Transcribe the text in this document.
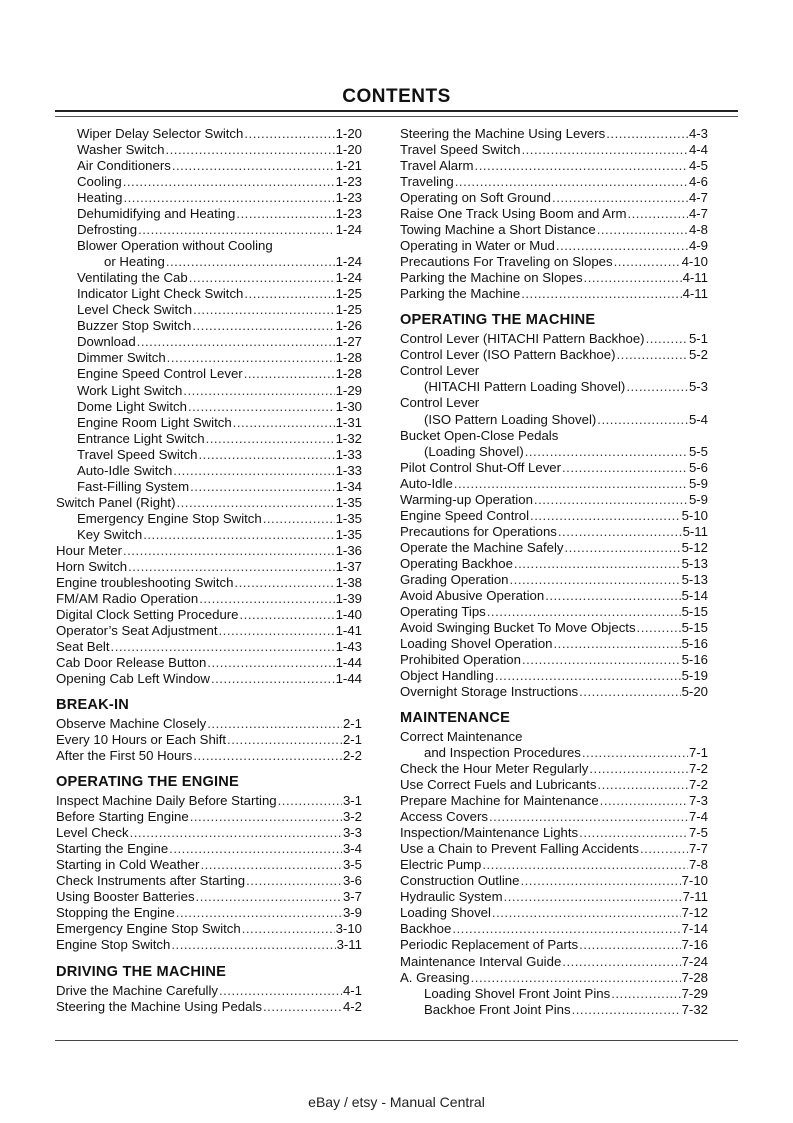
CONTENTS
Wiper Delay Selector Switch .....	1-20
Washer Switch .....	1-20
Air Conditioners .....	1-21
Cooling .....	1-23
Heating .....	1-23
Dehumidifying and Heating .....	1-23
Defrosting .....	1-24
Blower Operation without Cooling
or Heating .....	1-24
Ventilating the Cab .....	1-24
Indicator Light Check Switch .....	1-25
Level Check Switch .....	1-25
Buzzer Stop Switch .....	1-26
Download .....	1-27
Dimmer Switch .....	1-28
Engine Speed Control Lever .....	1-28
Work Light Switch .....	1-29
Dome Light Switch .....	1-30
Engine Room Light Switch .....	1-31
Entrance Light Switch .....	1-32
Travel Speed Switch .....	1-33
Auto-Idle Switch .....	1-33
Fast-Filling System .....	1-34
Switch Panel (Right) .....	1-35
Emergency Engine Stop Switch .....	1-35
Key Switch .....	1-35
Hour Meter .....	1-36
Horn Switch .....	1-37
Engine troubleshooting Switch .....	1-38
FM/AM Radio Operation .....	1-39
Digital Clock Setting Procedure .....	1-40
Operator’s Seat Adjustment .....	1-41
Seat Belt .....	1-43
Cab Door Release Button .....	1-44
Opening Cab Left Window .....	1-44
BREAK-IN
Observe Machine Closely .....	2-1
Every 10 Hours or Each Shift .....	2-1
After the First 50 Hours .....	2-2
OPERATING THE ENGINE
Inspect Machine Daily Before Starting .....	3-1
Before Starting Engine .....	3-2
Level Check .....	3-3
Starting the Engine .....	3-4
Starting in Cold Weather .....	3-5
Check Instruments after Starting .....	3-6
Using Booster Batteries .....	3-7
Stopping the Engine .....	3-9
Emergency Engine Stop Switch .....	3-10
Engine Stop Switch .....	3-11
DRIVING THE MACHINE
Drive the Machine Carefully .....	4-1
Steering the Machine Using Pedals .....	4-2
Steering the Machine Using Levers .....	4-3
Travel Speed Switch .....	4-4
Travel Alarm .....	4-5
Traveling .....	4-6
Operating on Soft Ground .....	4-7
Raise One Track Using Boom and Arm .....	4-7
Towing Machine a Short Distance .....	4-8
Operating in Water or Mud .....	4-9
Precautions For Traveling on Slopes .....	4-10
Parking the Machine on Slopes .....	4-11
Parking the Machine .....	4-11
OPERATING THE MACHINE
Control Lever (HITACHI Pattern Backhoe) .....	5-1
Control Lever (ISO Pattern Backhoe) .....	5-2
Control Lever
(HITACHI Pattern Loading Shovel) .....	5-3
Control Lever
(ISO Pattern Loading Shovel) .....	5-4
Bucket Open-Close Pedals
(Loading Shovel) .....	5-5
Pilot Control Shut-Off Lever .....	5-6
Auto-Idle .....	5-9
Warming-up Operation .....	5-9
Engine Speed Control .....	5-10
Precautions for Operations .....	5-11
Operate the Machine Safely .....	5-12
Operating Backhoe .....	5-13
Grading Operation .....	5-13
Avoid Abusive Operation .....	5-14
Operating Tips .....	5-15
Avoid Swinging Bucket To Move Objects .....	5-15
Loading Shovel Operation .....	5-16
Prohibited Operation .....	5-16
Object Handling .....	5-19
Overnight Storage Instructions .....	5-20
MAINTENANCE
Correct Maintenance
and Inspection Procedures .....	7-1
Check the Hour Meter Regularly .....	7-2
Use Correct Fuels and Lubricants .....	7-2
Prepare Machine for Maintenance .....	7-3
Access Covers .....	7-4
Inspection/Maintenance Lights .....	7-5
Use a Chain to Prevent Falling Accidents .....	7-7
Electric Pump .....	7-8
Construction Outline .....	7-10
Hydraulic System .....	7-11
Loading Shovel .....	7-12
Backhoe .....	7-14
Periodic Replacement of Parts .....	7-16
Maintenance Interval Guide .....	7-24
A. Greasing .....	7-28
Loading Shovel Front Joint Pins .....	7-29
Backhoe Front Joint Pins .....	7-32
eBay / etsy - Manual Central
